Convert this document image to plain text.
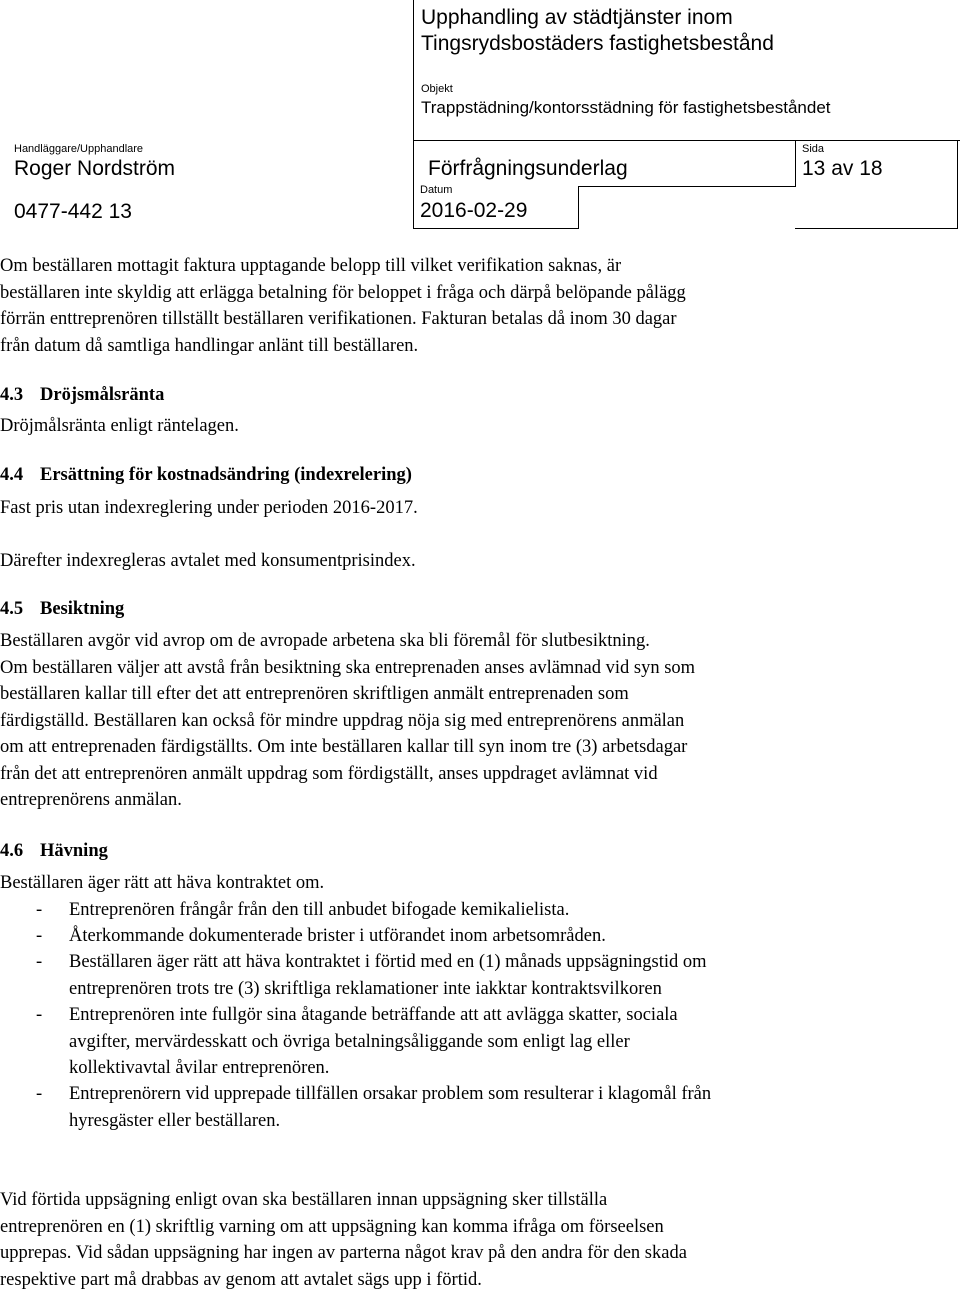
Upphandling av städtjänster inom
Tingsrydsbostäders fastighetsbestånd
Objekt
Trappstädning/kontorsstädning för fastighetsbeståndet
Handläggare/Upphandlare
Roger Nordström
0477-442 13
Förfrågningsunderlag
Datum
2016-02-29
Sida
13 av 18
Om beställaren mottagit faktura upptagande belopp till vilket verifikation saknas, är
beställaren inte skyldig att erlägga betalning för beloppet i fråga och därpå belöpande pålägg
förrän enttreprenören tillställt beställaren verifikationen. Fakturan betalas då inom 30 dagar
från datum då samtliga handlingar anlänt till beställaren.
4.3 Dröjsmålsränta
Dröjmålsränta enligt räntelagen.
4.4 Ersättning för kostnadsändring (indexrelering)
Fast pris utan indexreglering under perioden 2016-2017.
Därefter indexregleras avtalet med konsumentprisindex.
4.5 Besiktning
Beställaren avgör vid avrop om de avropade arbetena ska bli föremål för slutbesiktning.
Om beställaren väljer att avstå från besiktning ska entreprenaden anses avlämnad vid syn som
beställaren kallar till efter det att entreprenören skriftligen anmält entreprenaden som
färdigställd. Beställaren kan också för mindre uppdrag nöja sig med entreprenörens anmälan
om att entreprenaden färdigställts. Om inte beställaren kallar till syn inom tre (3) arbetsdagar
från det att entreprenören anmält uppdrag som fördigställt, anses uppdraget avlämnat vid
entreprenörens anmälan.
4.6 Hävning
Beställaren äger rätt att häva kontraktet om.
- Entreprenören frångår från den till anbudet bifogade kemikalielista.
- Återkommande dokumenterade brister i utförandet inom arbetsområden.
- Beställaren äger rätt att häva kontraktet i förtid med en (1) månads uppsägningstid om
entreprenören trots tre (3) skriftliga reklamationer inte iakktar kontraktsvilkoren
- Entreprenören inte fullgör sina åtagande beträffande att att avlägga skatter, sociala
avgifter, mervärdesskatt och övriga betalningsåliggande som enligt lag eller
kollektivavtal åvilar entreprenören.
- Entreprenörern vid upprepade tillfällen orsakar problem som resulterar i klagomål från
hyresgäster eller beställaren.
Vid förtida uppsägning enligt ovan ska beställaren innan uppsägning sker tillställa
entreprenören en (1) skriftlig varning om att uppsägning kan komma ifråga om förseelsen
upprepas. Vid sådan uppsägning har ingen av parterna något krav på den andra för den skada
respektive part må drabbas av genom att avtalet sägs upp i förtid.
